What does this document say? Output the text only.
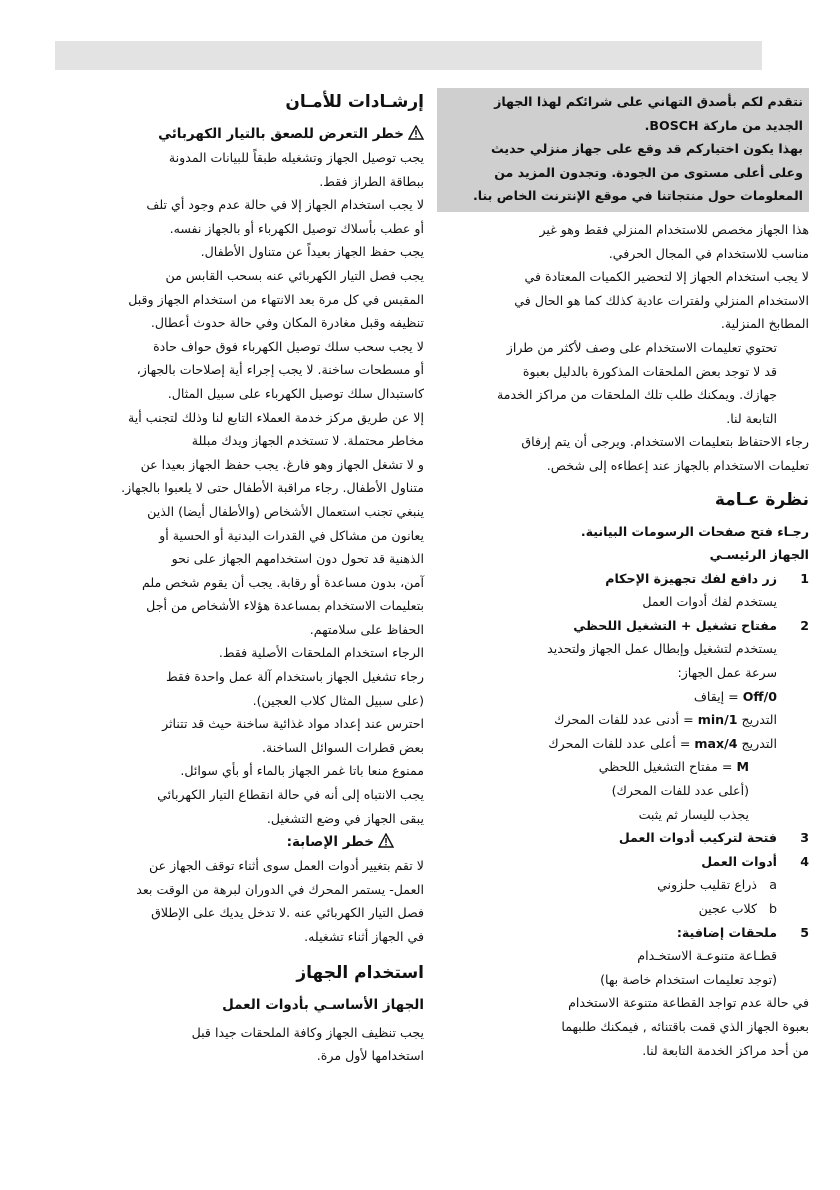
نتقدم لكم بأصدق التهاني على شرائكم لهذا الجهاز

الجديد من ماركة BOSCH.

بهذا يكون اختياركم قد وقع على جهاز منزلي حديث

وعلى أعلى مستوى من الجودة. وتجدون المزيد من

المعلومات حول منتجاتنا في موقع الإنترنت الخاص بنا.

هذا الجهاز مخصص للاستخدام المنزلي فقط وهو غير

مناسب للاستخدام في المجال الحرفي.

لا يجب استخدام الجهاز إلا لتحضير الكميات المعتادة في

الاستخدام المنزلي ولفترات عادية كذلك كما هو الحال في

المطابخ المنزلية.

تحتوي تعليمات الاستخدام على وصف لأكثر من طراز

قد لا توجد بعض الملحقات المذكورة بالدليل بعبوة

جهازك. ويمكنك طلب تلك الملحقات من مراكز الخدمة

التابعة لنا.

رجاء الاحتفاظ بتعليمات الاستخدام. ويرجى أن يتم إرفاق

تعليمات الاستخدام بالجهاز عند إعطاءه إلى شخص.

نظرة عـامة

رجـاء فتح صفحات الرسومات البيانية.

الجهاز الرئيسـي

1
زر دافع لفك تجهيزة الإحكام

يستخدم لفك أدوات العمل

2
مفتاح تشغيل + التشغيل اللحظي

يستخدم لتشغيل وإبطال عمل الجهاز ولتحديد

سرعة عمل الجهاز:

Off/0 = إيقاف

التدريج min/1 = أدنى عدد للفات المحرك

التدريج max/4 = أعلى عدد للفات المحرك

M = مفتاح التشغيل اللحظي

(أعلى عدد للفات المحرك)

يجذب لليسار ثم يثبت

3
فتحة لتركيب أدوات العمل
4
أدوات العمل

a ذراع تقليب حلزوني

b كلاب عجين

5
ملحقات إضافية:

قطـاعة متنوعـة الاستخـدام

(توجد تعليمات استخدام خاصة بها)

في حالة عدم تواجد القطاعة متنوعة الاستخدام

بعبوة الجهاز الذي قمت باقتنائه , فيمكنك طلبهما

من أحد مراكز الخدمة التابعة لنا.

إرشـادات للأمـان
خطر التعرض للصعق بالتيار الكهربائي

يجب توصيل الجهاز وتشغيله طبقاً للبيانات المدونة

ببطاقة الطراز فقط.

لا يجب استخدام الجهاز إلا في حالة عدم وجود أي تلف

أو عطب بأسلاك توصيل الكهرباء أو بالجهاز نفسه.

يجب حفظ الجهاز بعيداً عن متناول الأطفال.

يجب فصل التيار الكهربائي عنه بسحب القابس من

المقبس في كل مرة بعد الانتهاء من استخدام الجهاز وقبل

تنظيفه وقبل مغادرة المكان وفي حالة حدوث أعطال.

لا يجب سحب سلك توصيل الكهرباء فوق حواف حادة

أو مسطحات ساخنة. لا يجب إجراء أية إصلاحات بالجهاز،

كاستبدال سلك توصيل الكهرباء على سبيل المثال.

إلا عن طريق مركز خدمة العملاء التابع لنا وذلك لتجنب أية

مخاطر محتملة. لا تستخدم الجهاز ويدك مبللة

و لا تشغل الجهاز وهو فارغ. يجب حفظ الجهاز بعيدا عن

متناول الأطفال. رجاء مراقبة الأطفال حتى لا يلعبوا بالجهاز.

ينبغي تجنب استعمال الأشخاص (والأطفال أيضا) الذين

يعانون من مشاكل في القدرات البدنية أو الحسية أو

الذهنية قد تحول دون استخدامهم الجهاز على نحو

آمن، بدون مساعدة أو رقابة. يجب أن يقوم شخص ملم

بتعليمات الاستخدام بمساعدة هؤلاء الأشخاص من أجل

الحفاظ على سلامتهم.

الرجاء استخدام الملحقات الأصلية فقط.

رجاء تشغيل الجهاز باستخدام آلة عمل واحدة فقط

(على سبيل المثال كلاب العجين).

احترس عند إعداد مواد غذائية ساخنة حيث قد تتناثر

بعض قطرات السوائل الساخنة.

ممنوع منعا باتا غمر الجهاز بالماء أو بأي سوائل.

يجب الانتباه إلى أنه في حالة انقطاع التيار الكهربائي

يبقى الجهاز في وضع التشغيل.

خطر الإصابة:

لا تقم بتغيير أدوات العمل سوى أثناء توقف الجهاز عن

العمل- يستمر المحرك في الدوران لبرهة من الوقت بعد

فصل التيار الكهربائي عنه .لا تدخل يديك على الإطلاق

في الجهاز أثناء تشغيله.

استخدام الجهاز
الجهاز الأساسـي بأدوات العمل

يجب تنظيف الجهاز وكافة الملحقات جيدا قبل

استخدامها لأول مرة.
